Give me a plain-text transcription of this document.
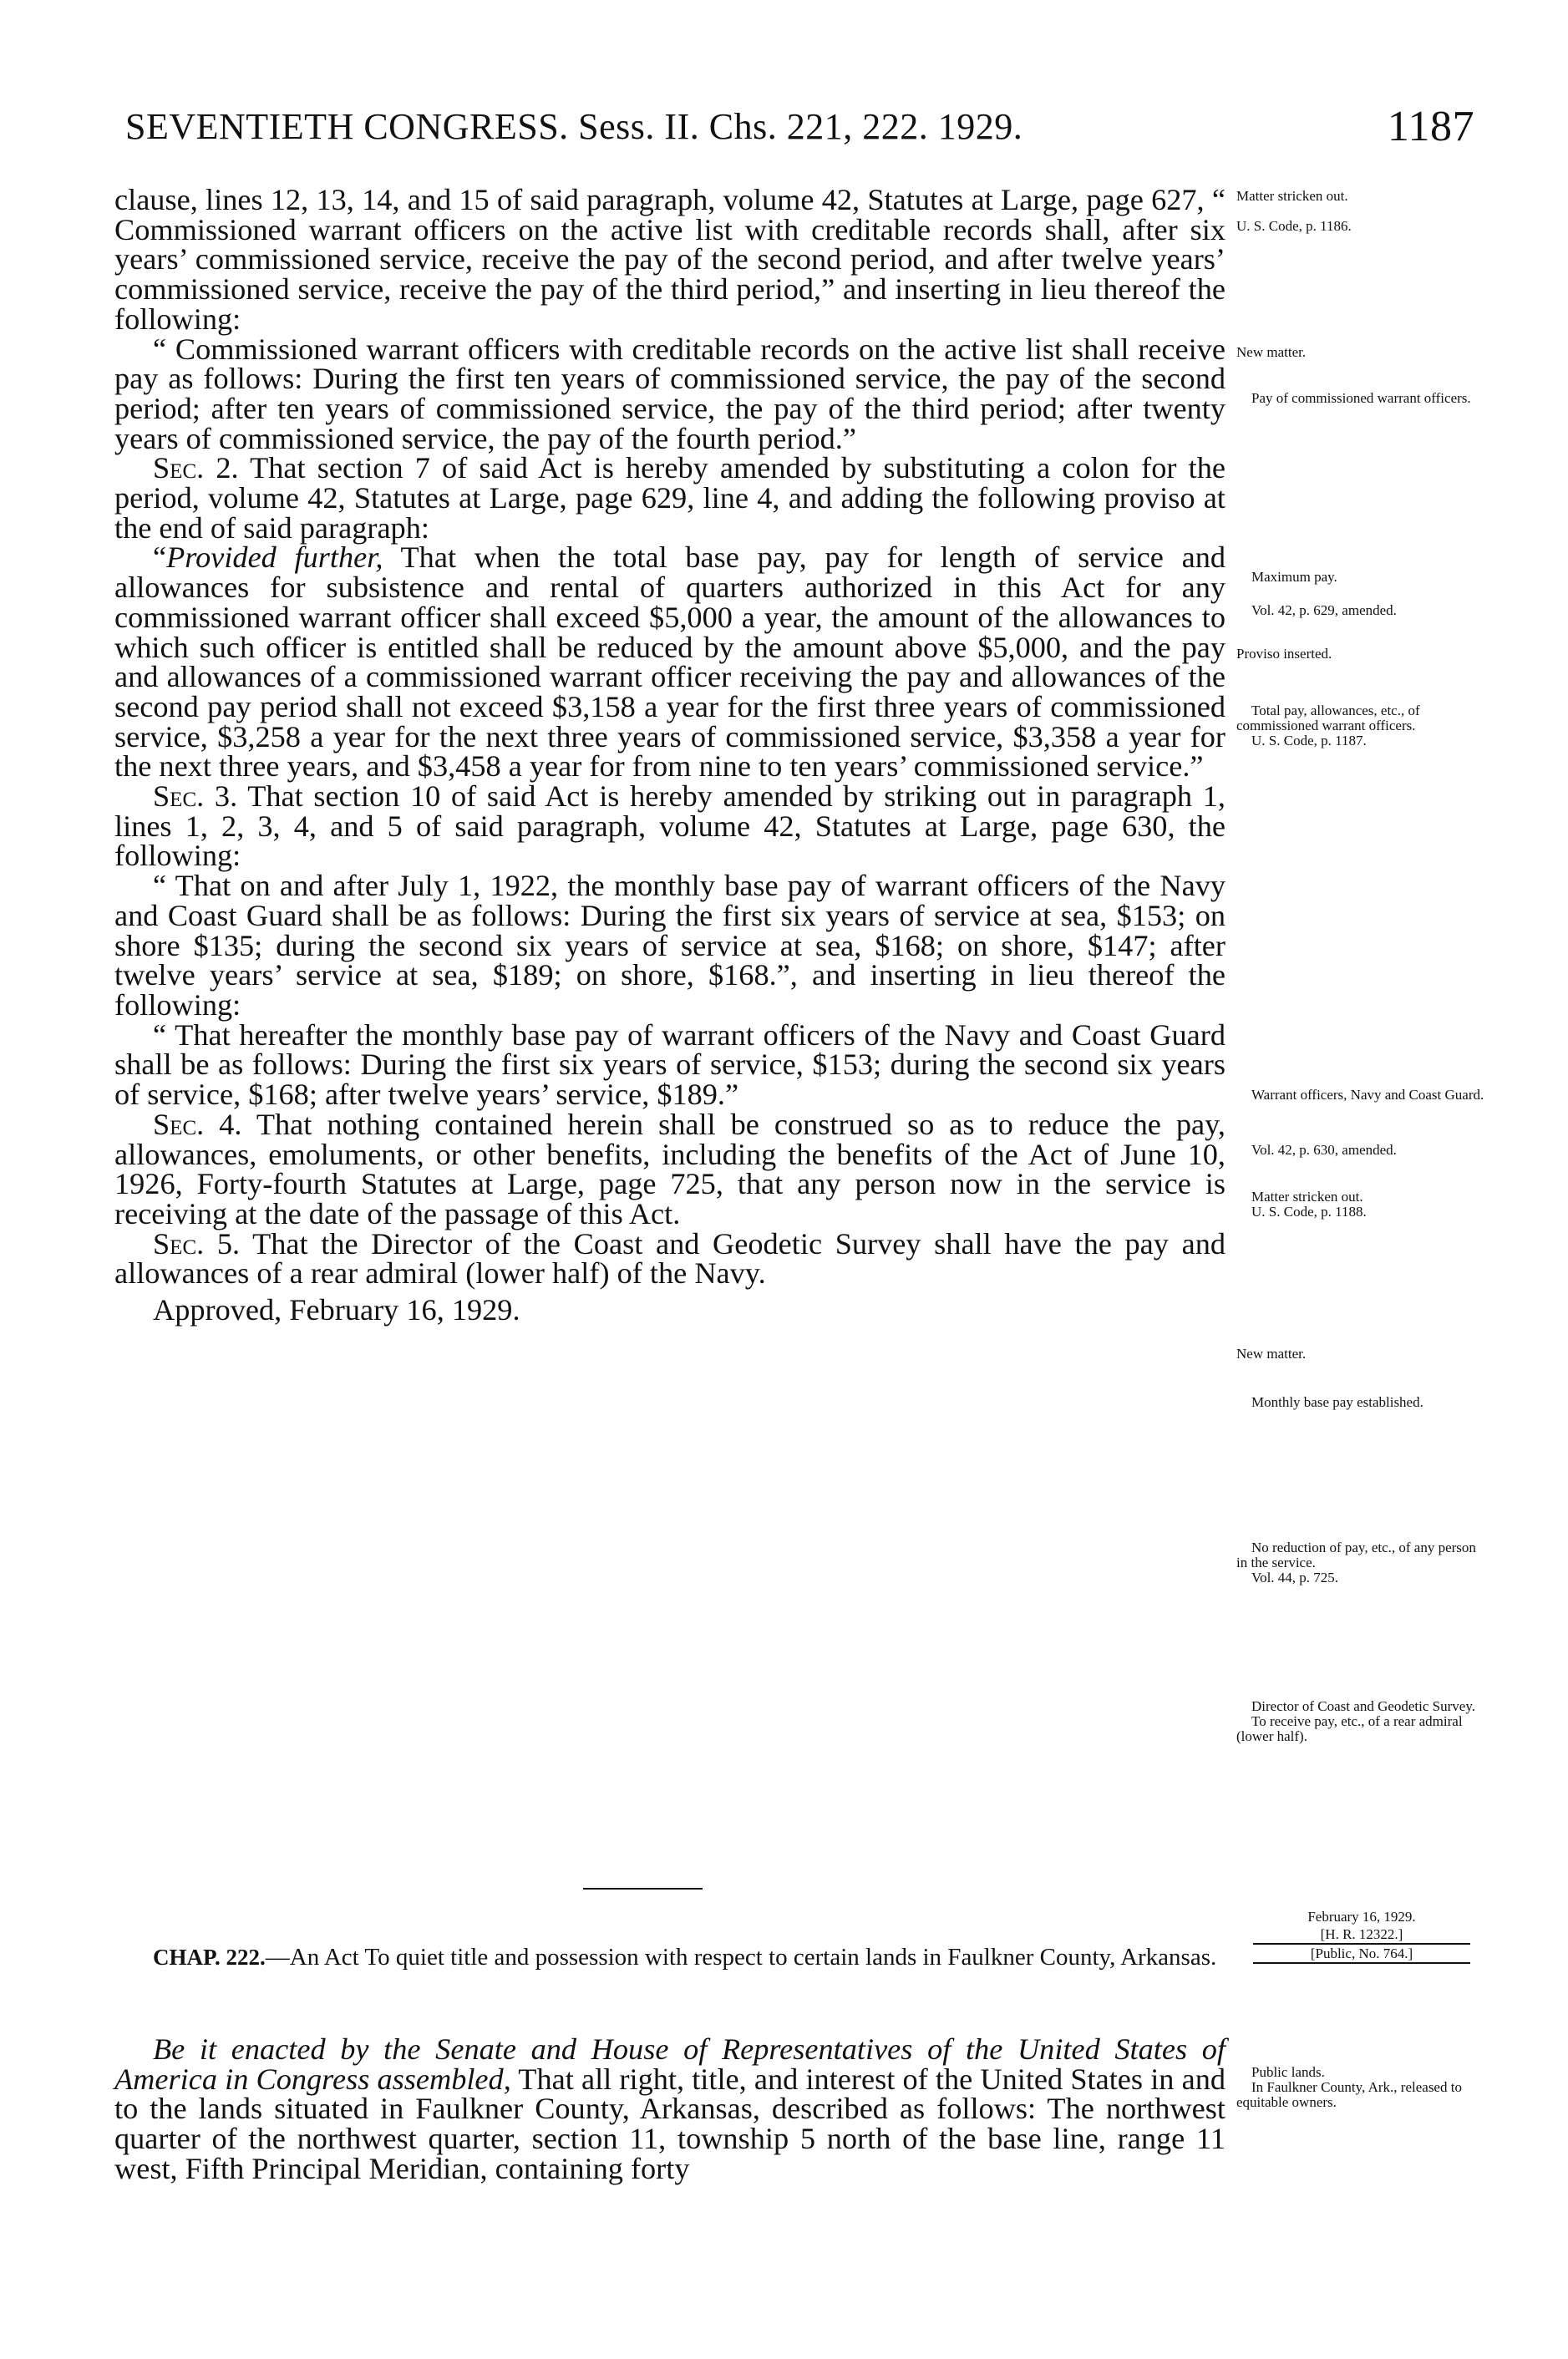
SEVENTIETH CONGRESS. Sess. II. Chs. 221, 222. 1929.	1187

clause, lines 12, 13, 14, and 15 of said paragraph, volume 42, Statutes at Large, page 627, “ Commissioned warrant officers on the active list with creditable records shall, after six years’ commissioned service, receive the pay of the second period, and after twelve years’ commissioned service, receive the pay of the third period,” and inserting in lieu thereof the following:

“ Commissioned warrant officers with creditable records on the active list shall receive pay as follows: During the first ten years of commissioned service, the pay of the second period; after ten years of commissioned service, the pay of the third period; after twenty years of commissioned service, the pay of the fourth period.”

Sec. 2. That section 7 of said Act is hereby amended by substituting a colon for the period, volume 42, Statutes at Large, page 629, line 4, and adding the following proviso at the end of said paragraph:

“Provided further, That when the total base pay, pay for length of service and allowances for subsistence and rental of quarters authorized in this Act for any commissioned warrant officer shall exceed $5,000 a year, the amount of the allowances to which such officer is entitled shall be reduced by the amount above $5,000, and the pay and allowances of a commissioned warrant officer receiving the pay and allowances of the second pay period shall not exceed $3,158 a year for the first three years of commissioned service, $3,258 a year for the next three years of commissioned service, $3,358 a year for the next three years, and $3,458 a year for from nine to ten years’ commissioned service.”

Sec. 3. That section 10 of said Act is hereby amended by striking out in paragraph 1, lines 1, 2, 3, 4, and 5 of said paragraph, volume 42, Statutes at Large, page 630, the following:

“ That on and after July 1, 1922, the monthly base pay of warrant officers of the Navy and Coast Guard shall be as follows: During the first six years of service at sea, $153; on shore $135; during the second six years of service at sea, $168; on shore, $147; after twelve years’ service at sea, $189; on shore, $168.”, and inserting in lieu thereof the following:

“ That hereafter the monthly base pay of warrant officers of the Navy and Coast Guard shall be as follows: During the first six years of service, $153; during the second six years of service, $168; after twelve years’ service, $189.”

Sec. 4. That nothing contained herein shall be construed so as to reduce the pay, allowances, emoluments, or other benefits, including the benefits of the Act of June 10, 1926, Forty-fourth Statutes at Large, page 725, that any person now in the service is receiving at the date of the passage of this Act.

Sec. 5. That the Director of the Coast and Geodetic Survey shall have the pay and allowances of a rear admiral (lower half) of the Navy.

Approved, February 16, 1929.

February 16, 1929.
[H. R. 12322.]
[Public, No. 764.]

CHAP. 222.—An Act To quiet title and possession with respect to certain lands in Faulkner County, Arkansas.

Be it enacted by the Senate and House of Representatives of the United States of America in Congress assembled, That all right, title, and interest of the United States in and to the lands situated in Faulkner County, Arkansas, described as follows: The northwest quarter of the northwest quarter, section 11, township 5 north of the base line, range 11 west, Fifth Principal Meridian, containing forty

Matter stricken out.

U. S. Code, p. 1186.

New matter.

Pay of commissioned warrant officers.

Maximum pay.

Vol. 42, p. 629, amended.

Proviso inserted.

Total pay, allowances, etc., of commissioned warrant officers.

U. S. Code, p. 1187.

Warrant officers, Navy and Coast Guard.

Vol. 42, p. 630, amended.

Matter stricken out.

U. S. Code, p. 1188.

New matter.

Monthly base pay established.

No reduction of pay, etc., of any person in the service.

Vol. 44, p. 725.

Director of Coast and Geodetic Survey.

To receive pay, etc., of a rear admiral (lower half).

Public lands.

In Faulkner County, Ark., released to equitable owners.
